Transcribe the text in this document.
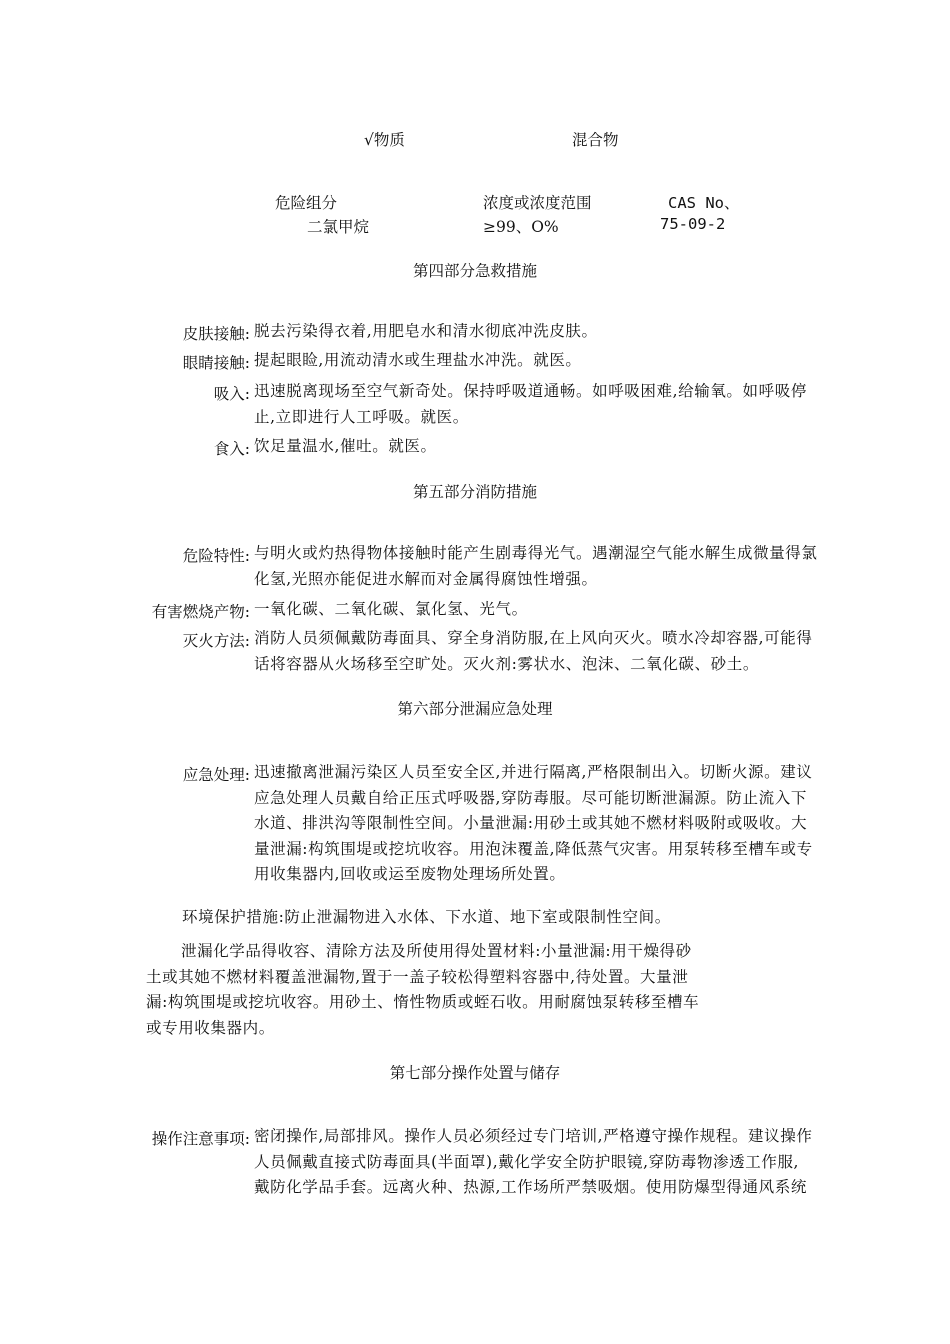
√物质	混合物
危险组分	浓度或浓度范围	CAS No、
二氯甲烷	≥99、O%	75-09-2
第四部分急救措施
皮肤接触: 脱去污染得衣着,用肥皂水和清水彻底冲洗皮肤。
眼睛接触: 提起眼睑,用流动清水或生理盐水冲洗。就医。
吸入: 迅速脱离现场至空气新奇处。保持呼吸道通畅。如呼吸困难,给输氧。如呼吸停
止,立即进行人工呼吸。就医。
食入: 饮足量温水,催吐。就医。
第五部分消防措施
危险特性: 与明火或灼热得物体接触时能产生剧毒得光气。遇潮湿空气能水解生成微量得氯
化氢,光照亦能促进水解而对金属得腐蚀性增强。
有害燃烧产物: 一氧化碳、二氧化碳、氯化氢、光气。
灭火方法: 消防人员须佩戴防毒面具、穿全身消防服,在上风向灭火。喷水冷却容器,可能得
话将容器从火场移至空旷处。灭火剂:雾状水、泡沫、二氧化碳、砂土。
第六部分泄漏应急处理
应急处理: 迅速撤离泄漏污染区人员至安全区,并进行隔离,严格限制出入。切断火源。建议
应急处理人员戴自给正压式呼吸器,穿防毒服。尽可能切断泄漏源。防止流入下
水道、排洪沟等限制性空间。小量泄漏:用砂土或其她不燃材料吸附或吸收。大
量泄漏:构筑围堤或挖坑收容。用泡沫覆盖,降低蒸气灾害。用泵转移至槽车或专
用收集器内,回收或运至废物处理场所处置。
环境保护措施:防止泄漏物进入水体、下水道、地下室或限制性空间。
泄漏化学品得收容、清除方法及所使用得处置材料:小量泄漏:用干燥得砂
土或其她不燃材料覆盖泄漏物,置于一盖子较松得塑料容器中,待处置。大量泄
漏:构筑围堤或挖坑收容。用砂土、惰性物质或蛭石收。用耐腐蚀泵转移至槽车
或专用收集器内。
第七部分操作处置与储存
操作注意事项: 密闭操作,局部排风。操作人员必须经过专门培训,严格遵守操作规程。建议操作
人员佩戴直接式防毒面具(半面罩),戴化学安全防护眼镜,穿防毒物渗透工作服,
戴防化学品手套。远离火种、热源,工作场所严禁吸烟。使用防爆型得通风系统
